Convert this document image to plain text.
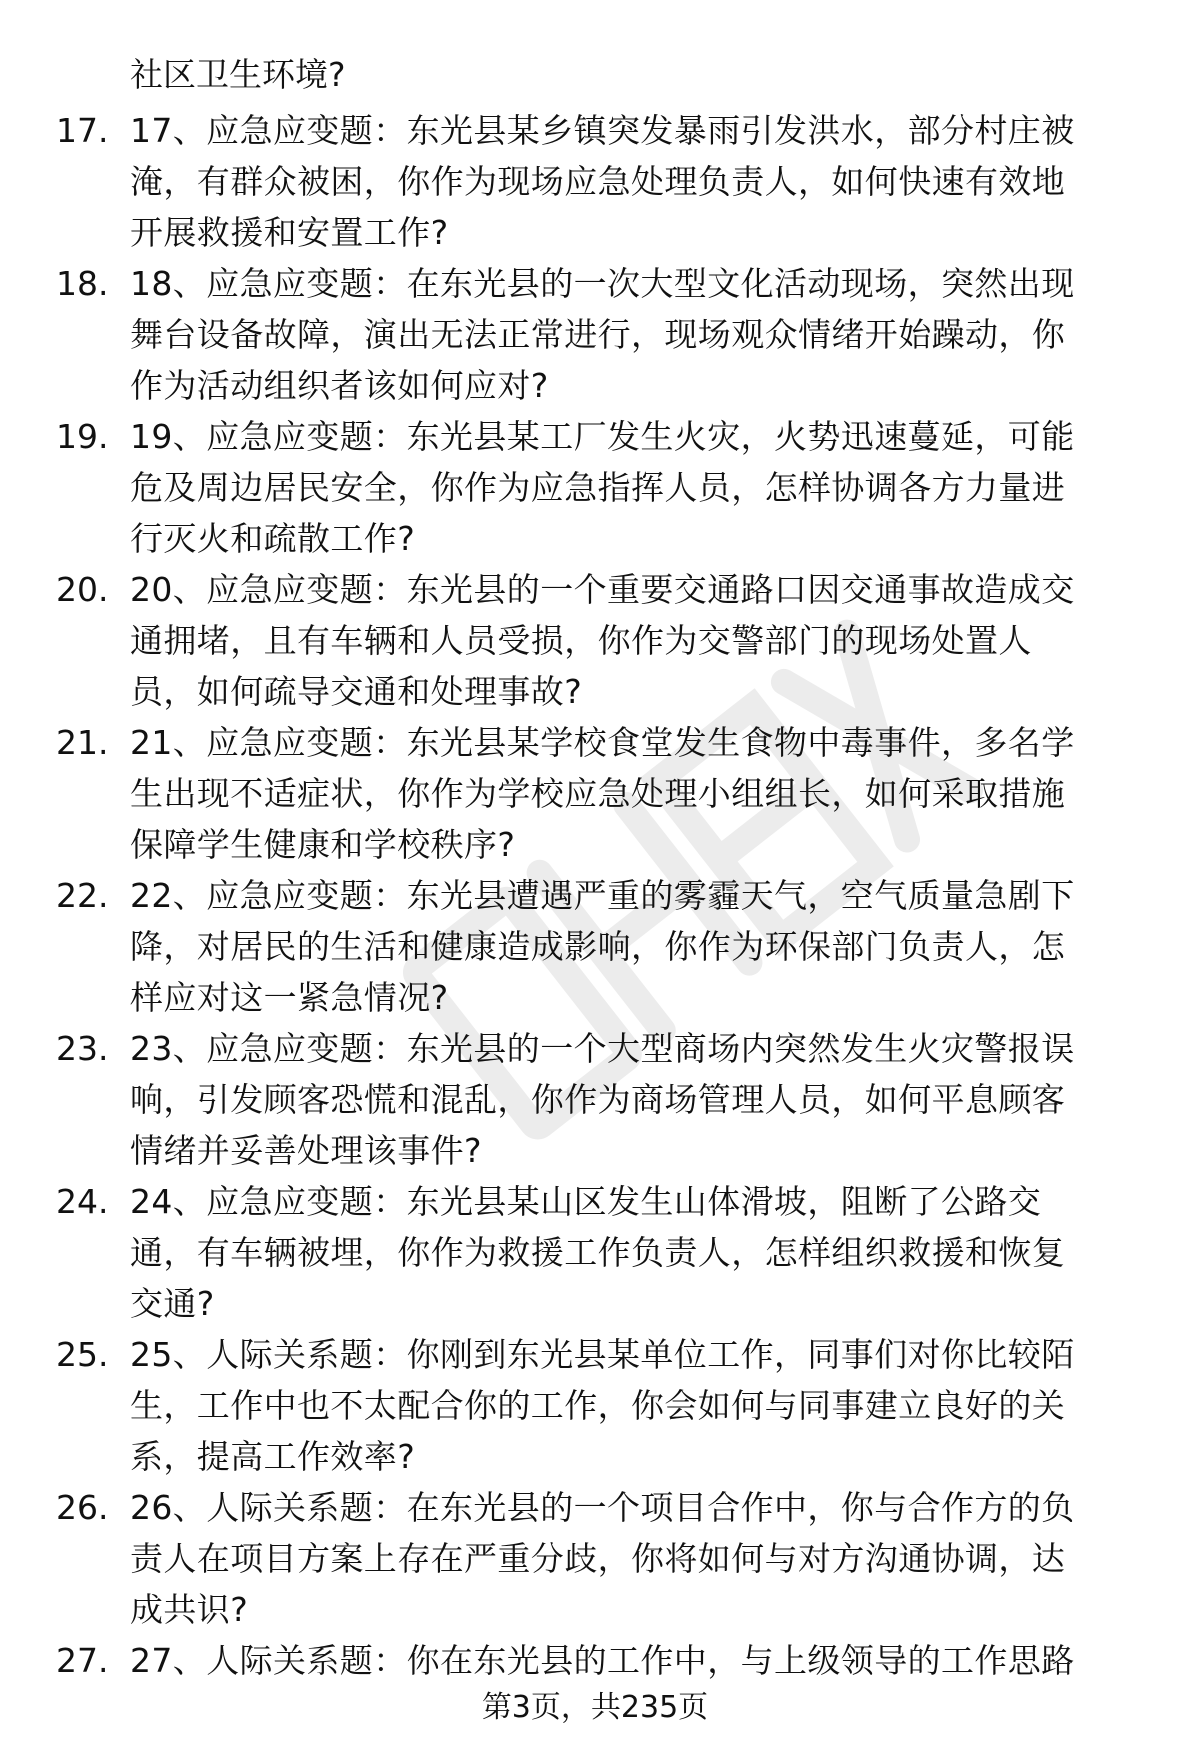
社区卫生环境?
17. 17、应急应变题：东光县某乡镇突发暴雨引发洪水，部分村庄被
淹，有群众被困，你作为现场应急处理负责人，如何快速有效地
开展救援和安置工作?
18. 18、应急应变题：在东光县的一次大型文化活动现场，突然出现
舞台设备故障，演出无法正常进行，现场观众情绪开始躁动，你
作为活动组织者该如何应对?
19. 19、应急应变题：东光县某工厂发生火灾，火势迅速蔓延，可能
危及周边居民安全，你作为应急指挥人员，怎样协调各方力量进
行灭火和疏散工作?
20. 20、应急应变题：东光县的一个重要交通路口因交通事故造成交
通拥堵，且有车辆和人员受损，你作为交警部门的现场处置人
员，如何疏导交通和处理事故?
21. 21、应急应变题：东光县某学校食堂发生食物中毒事件，多名学
生出现不适症状，你作为学校应急处理小组组长，如何采取措施
保障学生健康和学校秩序?
22. 22、应急应变题：东光县遭遇严重的雾霾天气，空气质量急剧下
降，对居民的生活和健康造成影响，你作为环保部门负责人，怎
样应对这一紧急情况?
23. 23、应急应变题：东光县的一个大型商场内突然发生火灾警报误
响，引发顾客恐慌和混乱，你作为商场管理人员，如何平息顾客
情绪并妥善处理该事件?
24. 24、应急应变题：东光县某山区发生山体滑坡，阻断了公路交
通，有车辆被埋，你作为救援工作负责人，怎样组织救援和恢复
交通?
25. 25、人际关系题：你刚到东光县某单位工作，同事们对你比较陌
生，工作中也不太配合你的工作，你会如何与同事建立良好的关
系，提高工作效率?
26. 26、人际关系题：在东光县的一个项目合作中，你与合作方的负
责人在项目方案上存在严重分歧，你将如何与对方沟通协调，达
成共识?
27. 27、人际关系题：你在东光县的工作中，与上级领导的工作思路
第3页，共235页
